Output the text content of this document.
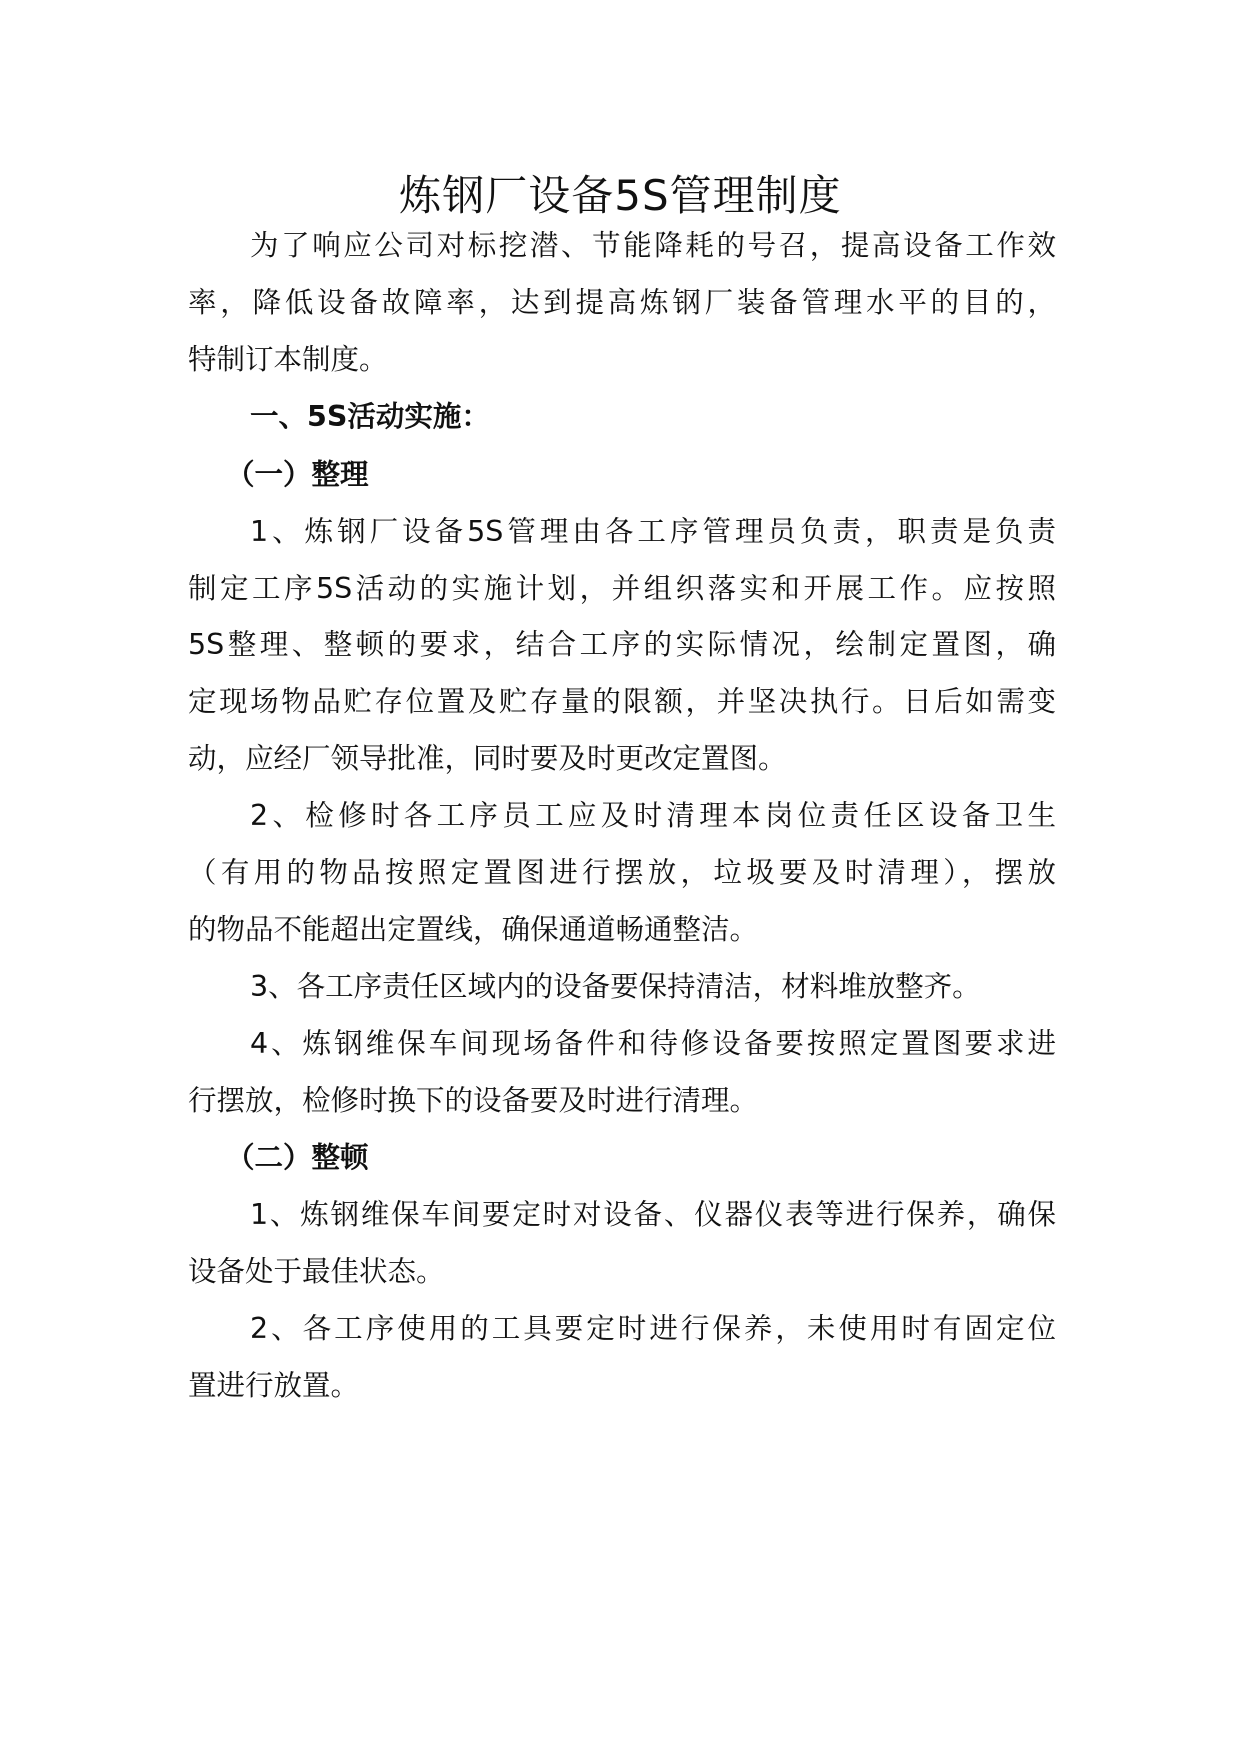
炼钢厂设备5S管理制度
为了响应公司对标挖潜、节能降耗的号召，提高设备工作效
率，降低设备故障率，达到提高炼钢厂装备管理水平的目的，
特制订本制度。
一、5S活动实施：
（一）整理
1、炼钢厂设备5S管理由各工序管理员负责，职责是负责
制定工序5S活动的实施计划，并组织落实和开展工作。应按照
5S整理、整顿的要求，结合工序的实际情况，绘制定置图，确
定现场物品贮存位置及贮存量的限额，并坚决执行。日后如需变
动，应经厂领导批准，同时要及时更改定置图。
2、检修时各工序员工应及时清理本岗位责任区设备卫生
（有用的物品按照定置图进行摆放，垃圾要及时清理），摆放
的物品不能超出定置线，确保通道畅通整洁。
3、各工序责任区域内的设备要保持清洁，材料堆放整齐。
4、炼钢维保车间现场备件和待修设备要按照定置图要求进
行摆放，检修时换下的设备要及时进行清理。
（二）整顿
1、炼钢维保车间要定时对设备、仪器仪表等进行保养，确保
设备处于最佳状态。
2、各工序使用的工具要定时进行保养，未使用时有固定位
置进行放置。
